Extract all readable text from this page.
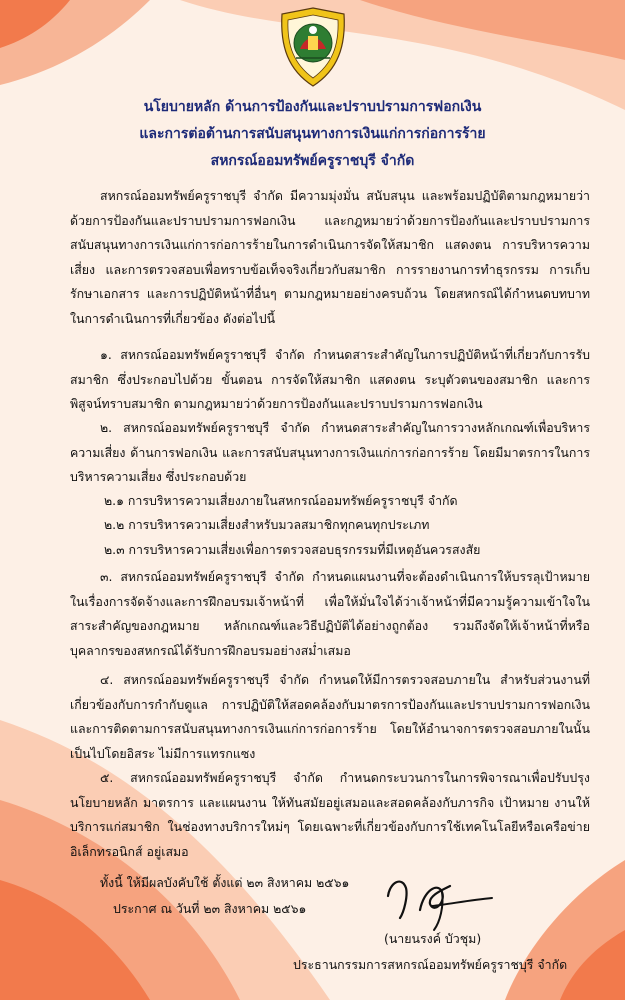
นโยบายหลัก ด้านการป้องกันและปราบปรามการฟอกเงิน
และการต่อต้านการสนับสนุนทางการเงินแก่การก่อการร้าย
สหกรณ์ออมทรัพย์ครูราชบุรี จำกัด

สหกรณ์ออมทรัพย์ครูราชบุรี จำกัด มีความมุ่งมั่น สนับสนุน และพร้อมปฏิบัติตามกฎหมายว่าด้วยการป้องกันและปราบปรามการฟอกเงิน และกฎหมายว่าด้วยการป้องกันและปราบปรามการสนับสนุนทางการเงินแก่การก่อการร้ายในการดำเนินการจัดให้สมาชิก แสดงตน การบริหารความเสี่ยง และการตรวจสอบเพื่อทราบข้อเท็จจริงเกี่ยวกับสมาชิก การรายงานการทำธุรกรรม การเก็บรักษาเอกสาร และการปฏิบัติหน้าที่อื่นๆ ตามกฎหมายอย่างครบถ้วน โดยสหกรณ์ได้กำหนดบทบาทในการดำเนินการที่เกี่ยวข้อง ดังต่อไปนี้

๑. สหกรณ์ออมทรัพย์ครูราชบุรี จำกัด กำหนดสาระสำคัญในการปฏิบัติหน้าที่เกี่ยวกับการรับสมาชิก ซึ่งประกอบไปด้วย ขั้นตอน การจัดให้สมาชิก แสดงตน ระบุตัวตนของสมาชิก และการพิสูจน์ทราบสมาชิก ตามกฎหมายว่าด้วยการป้องกันและปราบปรามการฟอกเงิน

๒. สหกรณ์ออมทรัพย์ครูราชบุรี จำกัด กำหนดสาระสำคัญในการวางหลักเกณฑ์เพื่อบริหารความเสี่ยง ด้านการฟอกเงิน และการสนับสนุนทางการเงินแก่การก่อการร้าย โดยมีมาตรการในการบริหารความเสี่ยง ซึ่งประกอบด้วย

๒.๑ การบริหารความเสี่ยงภายในสหกรณ์ออมทรัพย์ครูราชบุรี จำกัด
๒.๒ การบริหารความเสี่ยงสำหรับมวลสมาชิกทุกคนทุกประเภท
๒.๓ การบริหารความเสี่ยงเพื่อการตรวจสอบธุรกรรมที่มีเหตุอันควรสงสัย

๓. สหกรณ์ออมทรัพย์ครูราชบุรี จำกัด กำหนดแผนงานที่จะต้องดำเนินการให้บรรลุเป้าหมายในเรื่องการจัดจ้างและการฝึกอบรมเจ้าหน้าที่ เพื่อให้มั่นใจได้ว่าเจ้าหน้าที่มีความรู้ความเข้าใจในสาระสำคัญของกฎหมาย หลักเกณฑ์และวิธีปฏิบัติได้อย่างถูกต้อง รวมถึงจัดให้เจ้าหน้าที่หรือบุคลากรของสหกรณ์ได้รับการฝึกอบรมอย่างสม่ำเสมอ

๔. สหกรณ์ออมทรัพย์ครูราชบุรี จำกัด กำหนดให้มีการตรวจสอบภายใน สำหรับส่วนงานที่เกี่ยวข้องกับการกำกับดูแล การปฏิบัติให้สอดคล้องกับมาตรการป้องกันและปราบปรามการฟอกเงินและการติดตามการสนับสนุนทางการเงินแก่การก่อการร้าย โดยให้อำนาจการตรวจสอบภายในนั้น เป็นไปโดยอิสระ ไม่มีการแทรกแซง

๕. สหกรณ์ออมทรัพย์ครูราชบุรี จำกัด กำหนดกระบวนการในการพิจารณาเพื่อปรับปรุงนโยบายหลัก มาตรการ และแผนงาน ให้ทันสมัยอยู่เสมอและสอดคล้องกับภารกิจ เป้าหมาย งานให้บริการแก่สมาชิก ในช่องทางบริการใหม่ๆ โดยเฉพาะที่เกี่ยวข้องกับการใช้เทคโนโลยีหรือเครือข่าย อิเล็กทรอนิกส์ อยู่เสมอ

ทั้งนี้ ให้มีผลบังคับใช้ ตั้งแต่ ๒๓ สิงหาคม ๒๕๖๑
ประกาศ ณ วันที่ ๒๓ สิงหาคม ๒๕๖๑
(นายนรงค์ บัวชุม)
ประธานกรรมการสหกรณ์ออมทรัพย์ครูราชบุรี จำกัด
